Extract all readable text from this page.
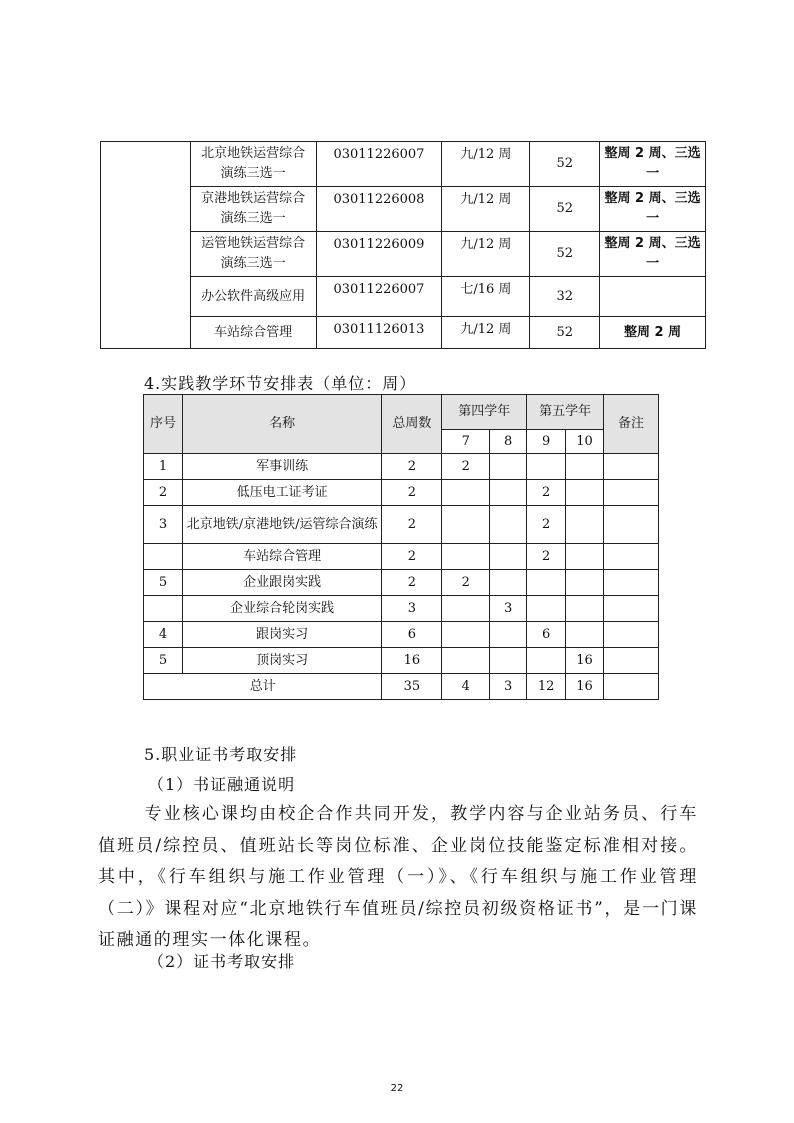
	北京地铁运营综合演练三选一	03011226007	九/12 周	52	整周 2 周、三选一
	京港地铁运营综合演练三选一	03011226008	九/12 周	52	整周 2 周、三选一
	运管地铁运营综合演练三选一	03011226009	九/12 周	52	整周 2 周、三选一
	办公软件高级应用	03011226007	七/16 周	32	
	车站综合管理	03011126013	九/12 周	52	整周 2 周
4.实践教学环节安排表（单位：周）
序号	名称	总周数	第四学年		第五学年		备注
			7	8	9	10	
1	军事训练	2	2				
2	低压电工证考证	2			2		
3	北京地铁/京港地铁/运管综合演练	2			2		
	车站综合管理	2			2		
5	企业跟岗实践	2	2				
	企业综合轮岗实践	3		3			
4	跟岗实习	6			6		
5	顶岗实习	16				16	
总计		35	4	3	12	16	
5.职业证书考取安排
（1）书证融通说明
专业核心课均由校企合作共同开发，教学内容与企业站务员、行车值班员/综控员、值班站长等岗位标准、企业岗位技能鉴定标准相对接。其中，《行车组织与施工作业管理（一）》、《行车组织与施工作业管理（二）》课程对应“北京地铁行车值班员/综控员初级资格证书”，是一门课证融通的理实一体化课程。
（2）证书考取安排
22
